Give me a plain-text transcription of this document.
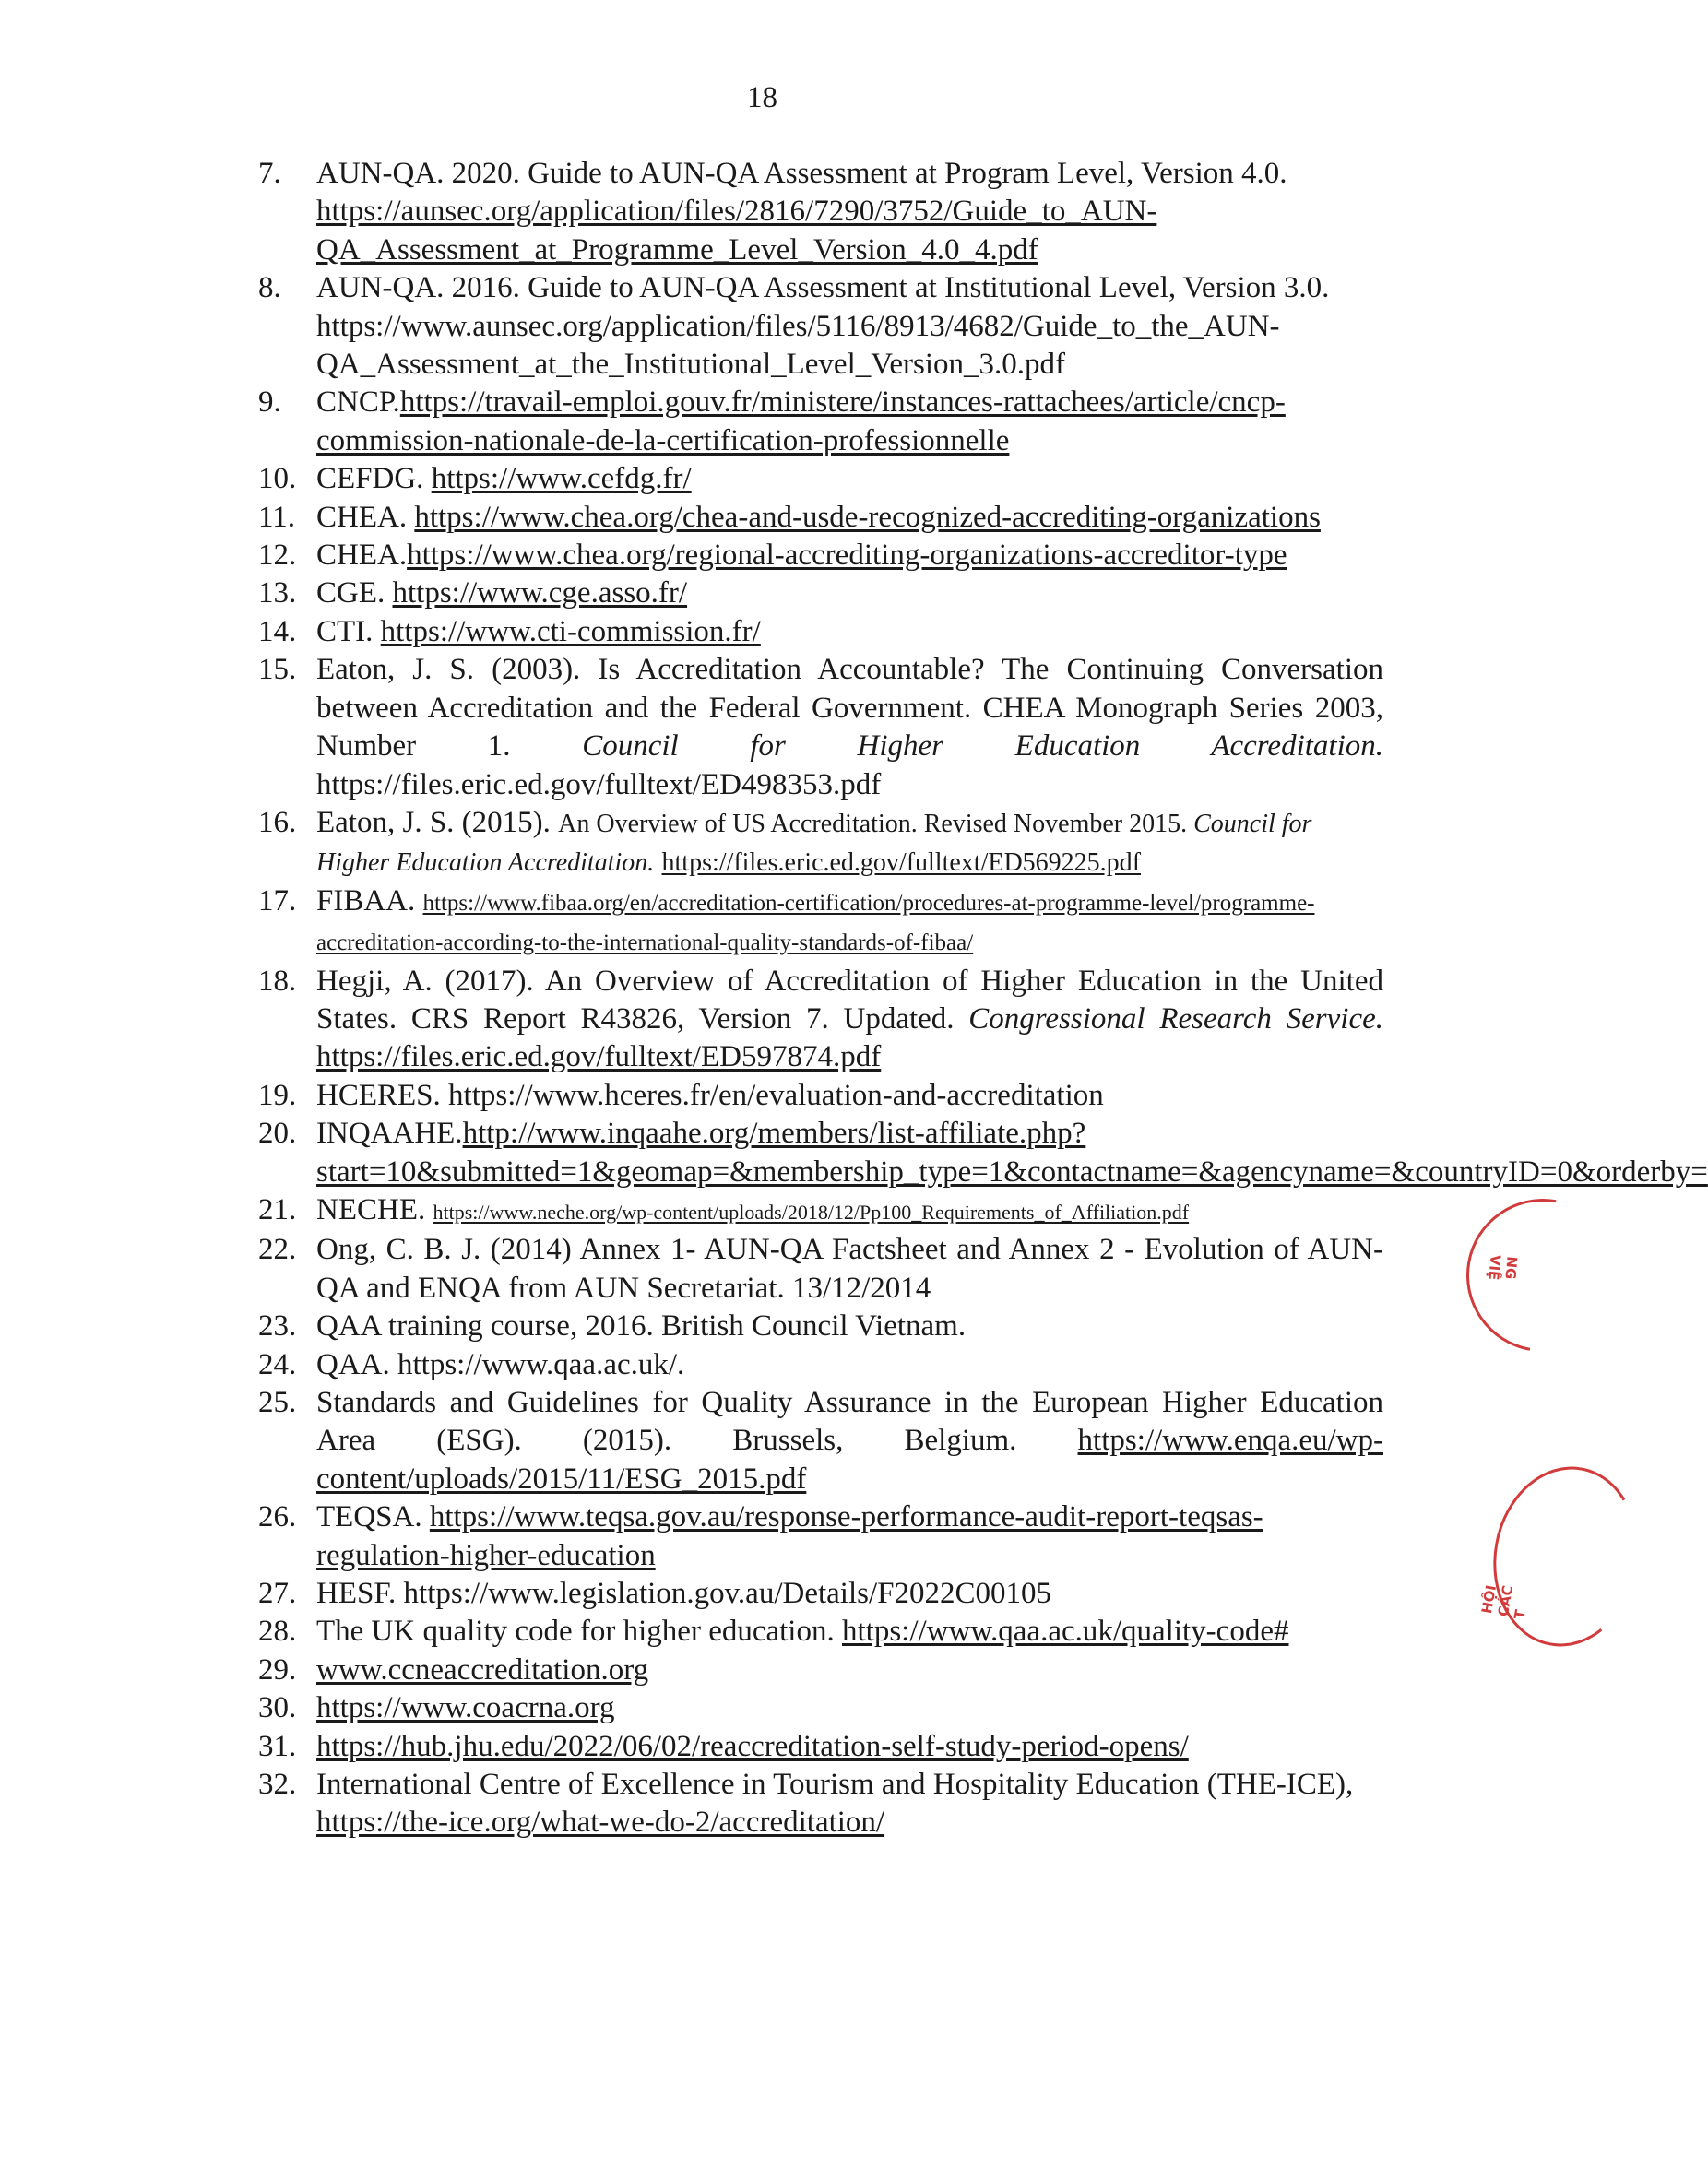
18
7. AUN-QA. 2020. Guide to AUN-QA Assessment at Program Level, Version 4.0. https://aunsec.org/application/files/2816/7290/3752/Guide_to_AUN-QA_Assessment_at_Programme_Level_Version_4.0_4.pdf
8. AUN-QA. 2016. Guide to AUN-QA Assessment at Institutional Level, Version 3.0. https://www.aunsec.org/application/files/5116/8913/4682/Guide_to_the_AUN-QA_Assessment_at_the_Institutional_Level_Version_3.0.pdf
9. CNCP.https://travail-emploi.gouv.fr/ministere/instances-rattachees/article/cncp-commission-nationale-de-la-certification-professionnelle
10. CEFDG. https://www.cefdg.fr/
11. CHEA. https://www.chea.org/chea-and-usde-recognized-accrediting-organizations
12. CHEA.https://www.chea.org/regional-accrediting-organizations-accreditor-type
13. CGE. https://www.cge.asso.fr/
14. CTI. https://www.cti-commission.fr/
15. Eaton, J. S. (2003). Is Accreditation Accountable? The Continuing Conversation between Accreditation and the Federal Government. CHEA Monograph Series 2003, Number 1. Council for Higher Education Accreditation. https://files.eric.ed.gov/fulltext/ED498353.pdf
16. Eaton, J. S. (2015). An Overview of US Accreditation. Revised November 2015. Council for Higher Education Accreditation. https://files.eric.ed.gov/fulltext/ED569225.pdf
17. FIBAA. https://www.fibaa.org/en/accreditation-certification/procedures-at-programme-level/programme-accreditation-according-to-the-international-quality-standards-of-fibaa/
18. Hegji, A. (2017). An Overview of Accreditation of Higher Education in the United States. CRS Report R43826, Version 7. Updated. Congressional Research Service. https://files.eric.ed.gov/fulltext/ED597874.pdf
19. HCERES. https://www.hceres.fr/en/evaluation-and-accreditation
20. INQAAHE.http://www.inqaahe.org/members/list-affiliate.php?start=10&submitted=1&geomap=&membership_type=1&contactname=&agencyname=&countryID=0&orderby=
21. NECHE. https://www.neche.org/wp-content/uploads/2018/12/Pp100_Requirements_of_Affiliation.pdf
22. Ong, C. B. J. (2014) Annex 1- AUN-QA Factsheet and Annex 2 - Evolution of AUN-QA and ENQA from AUN Secretariat. 13/12/2014
23. QAA training course, 2016. British Council Vietnam.
24. QAA. https://www.qaa.ac.uk/.
25. Standards and Guidelines for Quality Assurance in the European Higher Education Area (ESG). (2015). Brussels, Belgium. https://www.enqa.eu/wp-content/uploads/2015/11/ESG_2015.pdf
26. TEQSA. https://www.teqsa.gov.au/response-performance-audit-report-teqsas-regulation-higher-education
27. HESF. https://www.legislation.gov.au/Details/F2022C00105
28. The UK quality code for higher education. https://www.qaa.ac.uk/quality-code#
29. www.ccneaccreditation.org
30. https://www.coacrna.org
31. https://hub.jhu.edu/2022/06/02/reaccreditation-self-study-period-opens/
32. International Centre of Excellence in Tourism and Hospitality Education (THE-ICE), https://the-ice.org/what-we-do-2/accreditation/
NG VIỆ
HỘI CÁC T
